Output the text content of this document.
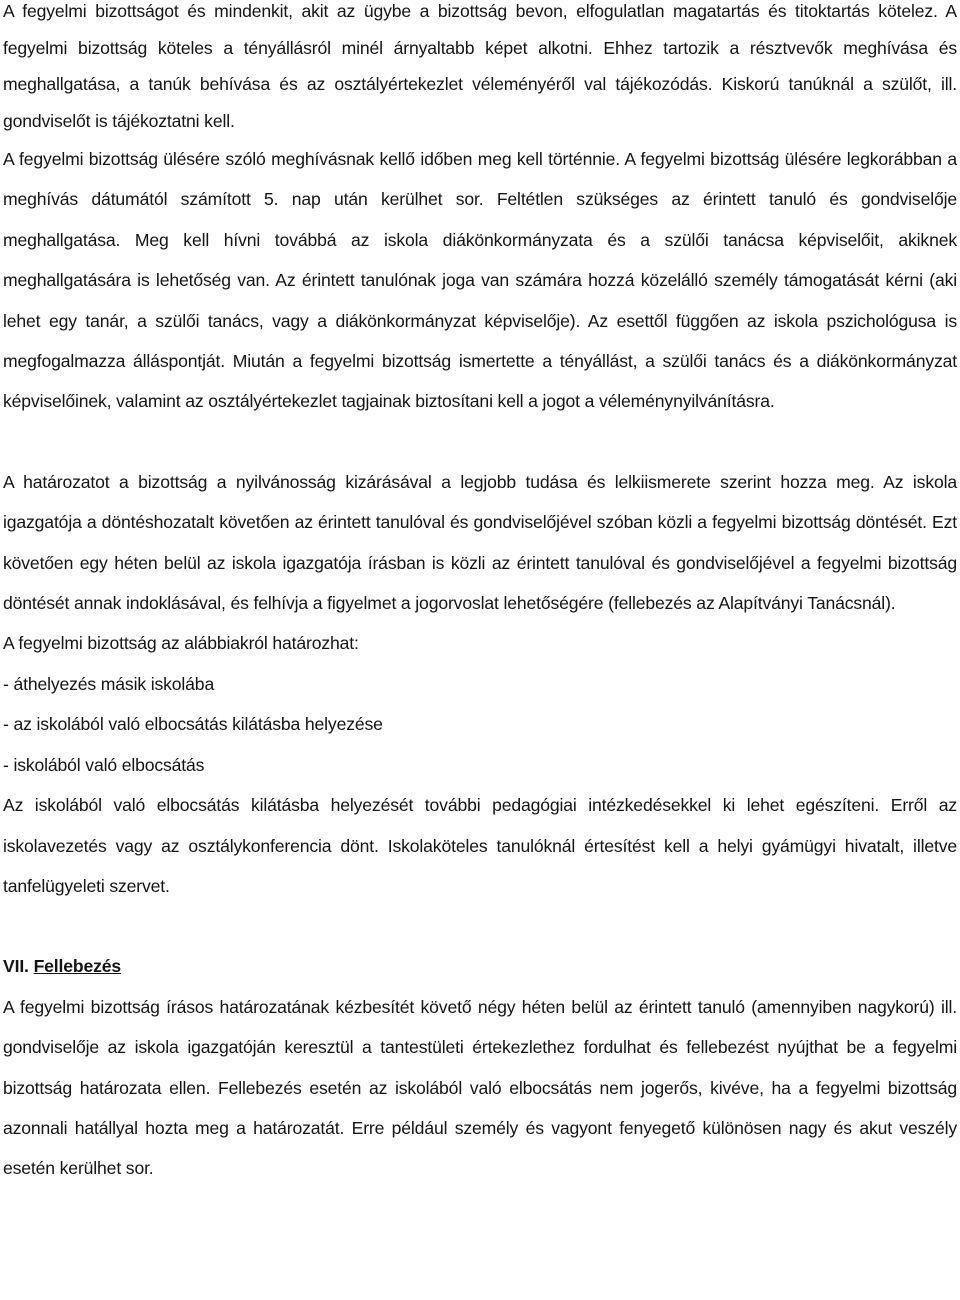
A fegyelmi bizottságot és mindenkit, akit az ügybe a bizottság bevon, elfogulatlan magatartás és titoktartás kötelez. A fegyelmi bizottság köteles a tényállásról minél árnyaltabb képet alkotni. Ehhez tartozik a résztvevők meghívása és meghallgatása, a tanúk behívása és az osztályértekezlet véleményéről val tájékozódás. Kiskorú tanúknál a szülőt, ill. gondviselőt is tájékoztatni kell.

A fegyelmi bizottság ülésére szóló meghívásnak kellő időben meg kell történnie. A fegyelmi bizottság ülésére legkorábban a meghívás dátumától számított 5. nap után kerülhet sor. Feltétlen szükséges az érintett tanuló és gondviselője meghallgatása. Meg kell hívni továbbá az iskola diákönkormányzata és a szülői tanácsa képviselőit, akiknek meghallgatására is lehetőség van. Az érintett tanulónak joga van számára hozzá közelálló személy támogatását kérni (aki lehet egy tanár, a szülői tanács, vagy a diákönkormányzat képviselője). Az esettől függően az iskola pszichológusa is megfogalmazza álláspontját. Miután a fegyelmi bizottság ismertette a tényállást, a szülői tanács és a diákönkormányzat képviselőinek, valamint az osztályértekezlet tagjainak biztosítani kell a jogot a véleménynyilvánításra.

A határozatot a bizottság a nyilvánosság kizárásával a legjobb tudása és lelkiismerete szerint hozza meg. Az iskola igazgatója a döntéshozatalt követően az érintett tanulóval és gondviselőjével szóban közli a fegyelmi bizottság döntését. Ezt követően egy héten belül az iskola igazgatója írásban is közli az érintett tanulóval és gondviselőjével a fegyelmi bizottság döntését annak indoklásával, és felhívja a figyelmet a jogorvoslat lehetőségére (fellebezés az Alapítványi Tanácsnál).

A fegyelmi bizottság az alábbiakról határozhat:

- áthelyezés másik iskolába

- az iskolából való elbocsátás kilátásba helyezése

- iskolából való elbocsátás

Az iskolából való elbocsátás kilátásba helyezését további pedagógiai intézkedésekkel ki lehet egészíteni. Erről az iskolavezetés vagy az osztálykonferencia dönt. Iskolaköteles tanulóknál értesítést kell a helyi gyámügyi hivatalt, illetve tanfelügyeleti szervet.

VII. Fellebezés

A fegyelmi bizottság írásos határozatának kézbesítét követő négy héten belül az érintett tanuló (amennyiben nagykorú) ill. gondviselője az iskola igazgatóján keresztül a tantestületi értekezlethez fordulhat és fellebezést nyújthat be a fegyelmi bizottság határozata ellen. Fellebezés esetén az iskolából való elbocsátás nem jogerős, kivéve, ha a fegyelmi bizottság azonnali hatállyal hozta meg a határozatát. Erre például személy és vagyont fenyegető különösen nagy és akut veszély esetén kerülhet sor.
